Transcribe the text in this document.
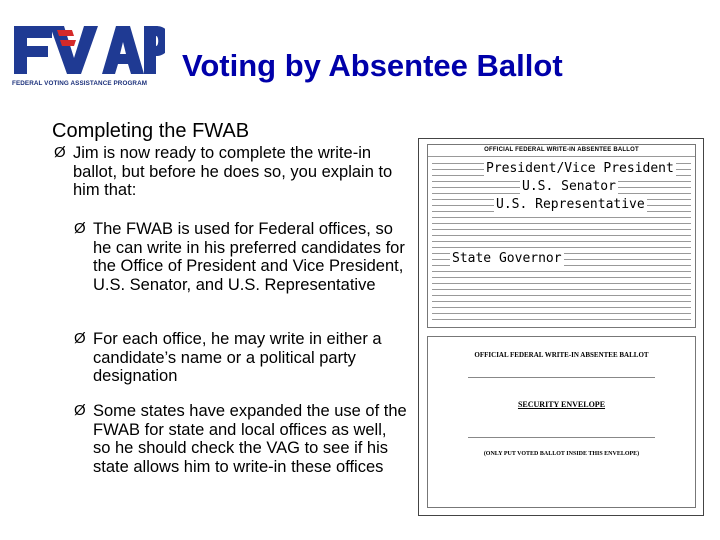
FEDERAL VOTING ASSISTANCE PROGRAM
Voting by Absentee Ballot
Completing the FWAB
Ø Jim is now ready to complete the write-in ballot, but before he does so, you explain to him that:
Ø The FWAB is used for Federal offices, so he can write in his preferred candidates for the Office of President and Vice President, U.S. Senator, and U.S. Representative
Ø For each office, he may write in either a candidate’s name or a political party designation
Ø Some states have expanded the use of the FWAB for state and local offices as well, so he should check the VAG to see if his state allows him to write-in these offices
OFFICIAL FEDERAL WRITE-IN ABSENTEE BALLOT
President/Vice President
U.S. Senator
U.S. Representative
State Governor
OFFICIAL FEDERAL WRITE-IN ABSENTEE BALLOT
SECURITY ENVELOPE
(ONLY PUT VOTED BALLOT INSIDE THIS ENVELOPE)
